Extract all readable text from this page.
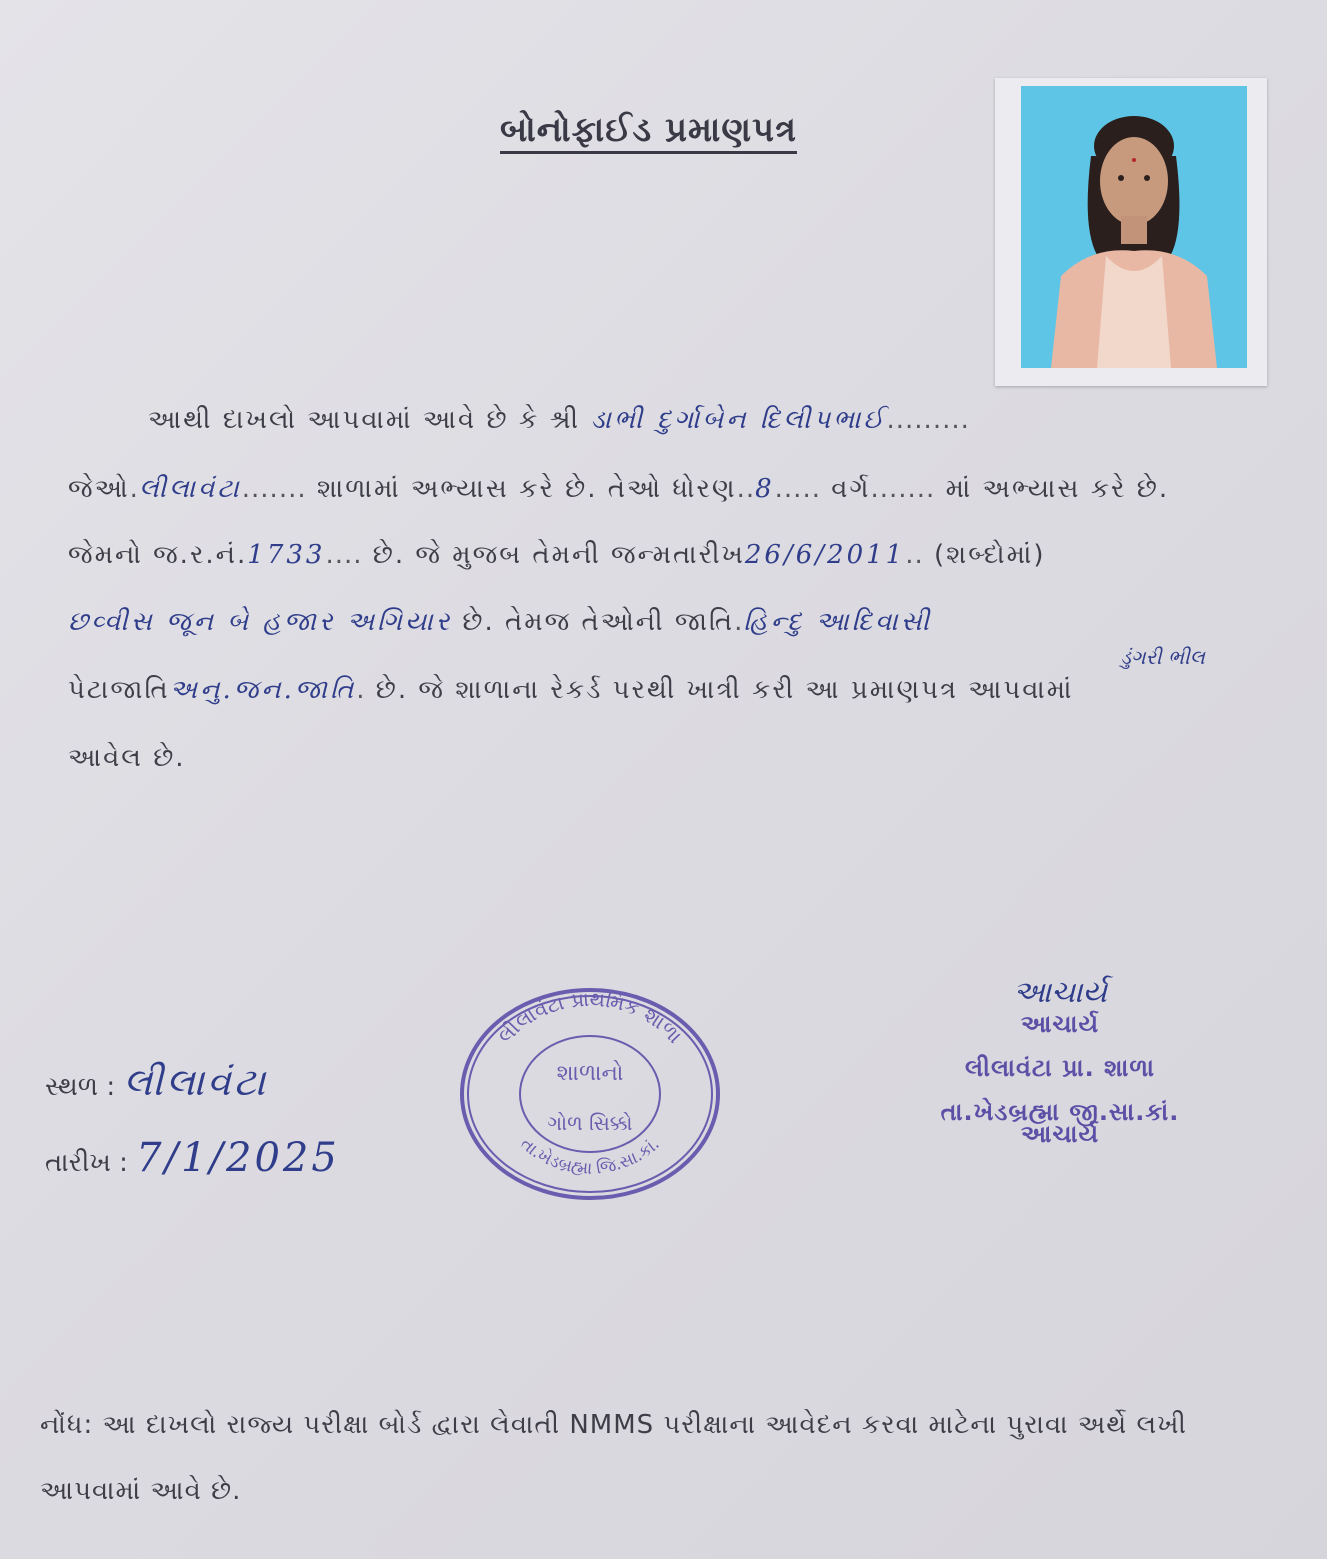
બોનોફાઈડ પ્રમાણપત્ર
આથી દાખલો આપવામાં આવે છે કે શ્રી ડાભી દુર્ગાબેન દિલીપભાઈ.........
જેઓ.લીલાવંટા....... શાળામાં અભ્યાસ કરે છે. તેઓ ધોરણ..8..... વર્ગ....... માં અભ્યાસ કરે છે.
જેમનો જ.ર.નં.1733.... છે. જે મુજબ તેમની જન્મતારીખ26/6/2011.. (શબ્દોમાં)
છવ્વીસ જૂન બે હજાર અગિયાર છે. તેમજ તેઓની જાતિ.હિન્દુ આદિવાસી
ડુંગરી ભીલ
પેટાજાતિઅનુ.જન.જાતિ. છે. જે શાળાના રેકર્ડ પરથી ખાત્રી કરી આ પ્રમાણપત્ર આપવામાં
આવેલ છે.
સ્થળ : લીલાવંટા
તારીખ : 7/1/2025
લીલાવંટા પ્રાથમિક શાળા
તા.ખેડબ્રહ્મા જિ.સા.કાં.
શાળાનો
ગોળ સિક્કો
આચાર્ય
આચાર્ય
લીલાવંટા પ્રા. શાળા
તા.ખેડબ્રહ્મા જી.સા.કાં.
આચાર્ય
નોંધ: આ દાખલો રાજ્ય પરીક્ષા બોર્ડ દ્વારા લેવાતી NMMS પરીક્ષાના આવેદન કરવા માટેના પુરાવા અર્થે લખી
આપવામાં આવે છે.
